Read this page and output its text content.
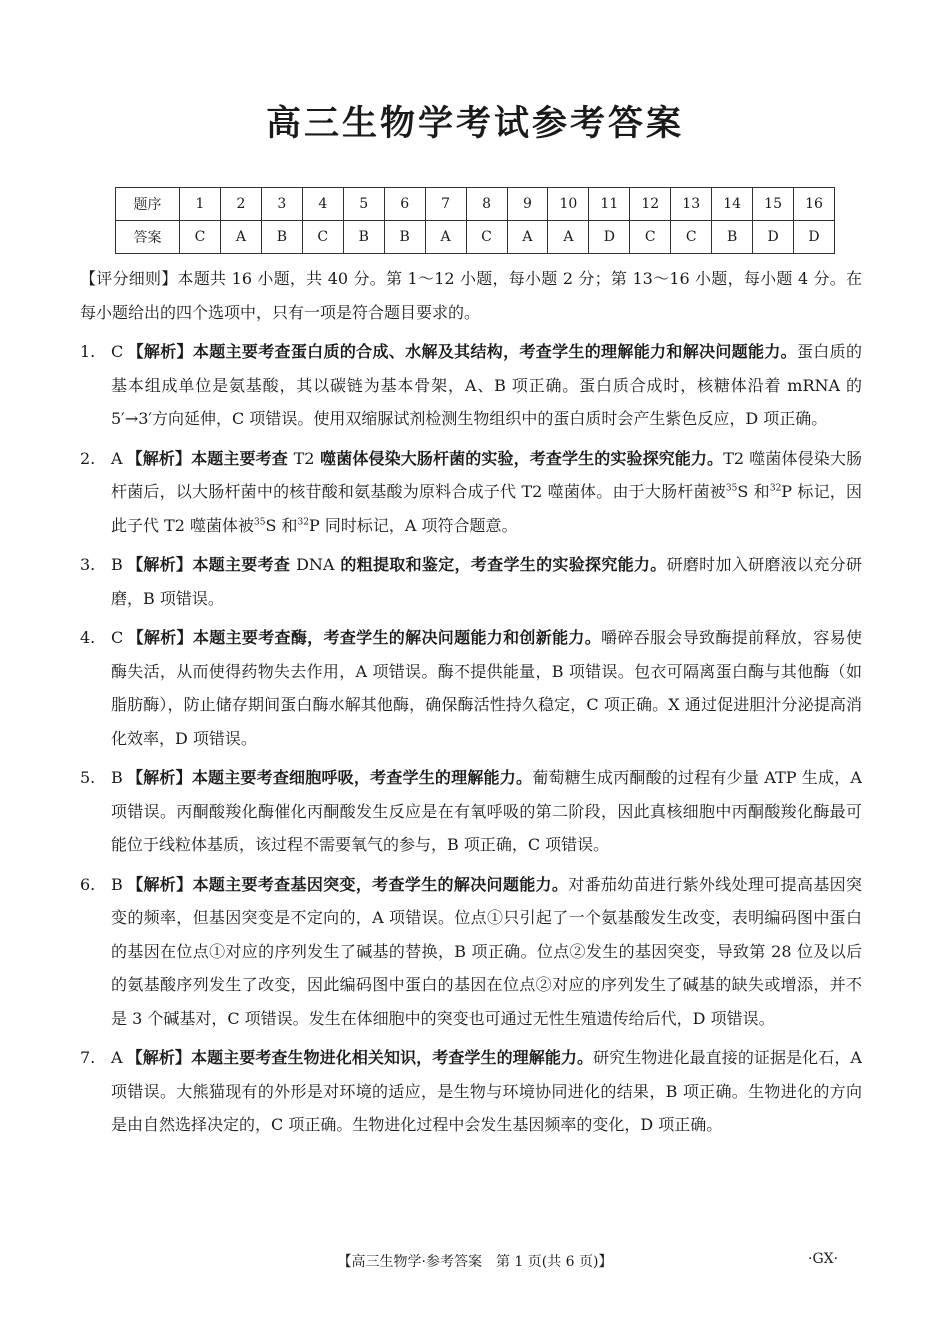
高三生物学考试参考答案
题序	1	2	3	4	5	6	7	8	9	10	11	12	13	14	15	16
答案	C	A	B	C	B	B	A	C	A	A	D	C	C	B	D	D

【评分细则】本题共 16 小题，共 40 分。第 1～12 小题，每小题 2 分；第 13～16 小题，每小题 4 分。在每小题给出的四个选项中，只有一项是符合题目要求的。

1. C 【解析】本题主要考查蛋白质的合成、水解及其结构，考查学生的理解能力和解决问题能力。蛋白质的基本组成单位是氨基酸，其以碳链为基本骨架，A、B 项正确。蛋白质合成时，核糖体沿着 mRNA 的 5′→3′方向延伸，C 项错误。使用双缩脲试剂检测生物组织中的蛋白质时会产生紫色反应，D 项正确。

2. A 【解析】本题主要考查 T2 噬菌体侵染大肠杆菌的实验，考查学生的实验探究能力。T2 噬菌体侵染大肠杆菌后，以大肠杆菌中的核苷酸和氨基酸为原料合成子代 T2 噬菌体。由于大肠杆菌被$^{35}$S 和$^{32}$P 标记，因此子代 T2 噬菌体被$^{35}$S 和$^{32}$P 同时标记，A 项符合题意。

3. B 【解析】本题主要考查 DNA 的粗提取和鉴定，考查学生的实验探究能力。研磨时加入研磨液以充分研磨，B 项错误。

4. C 【解析】本题主要考查酶，考查学生的解决问题能力和创新能力。嚼碎吞服会导致酶提前释放，容易使酶失活，从而使得药物失去作用，A 项错误。酶不提供能量，B 项错误。包衣可隔离蛋白酶与其他酶（如脂肪酶），防止储存期间蛋白酶水解其他酶，确保酶活性持久稳定，C 项正确。X 通过促进胆汁分泌提高消化效率，D 项错误。

5. B 【解析】本题主要考查细胞呼吸，考查学生的理解能力。葡萄糖生成丙酮酸的过程有少量 ATP 生成，A 项错误。丙酮酸羧化酶催化丙酮酸发生反应是在有氧呼吸的第二阶段，因此真核细胞中丙酮酸羧化酶最可能位于线粒体基质，该过程不需要氧气的参与，B 项正确，C 项错误。

6. B 【解析】本题主要考查基因突变，考查学生的解决问题能力。对番茄幼苗进行紫外线处理可提高基因突变的频率，但基因突变是不定向的，A 项错误。位点①只引起了一个氨基酸发生改变，表明编码图中蛋白的基因在位点①对应的序列发生了碱基的替换，B 项正确。位点②发生的基因突变，导致第 28 位及以后的氨基酸序列发生了改变，因此编码图中蛋白的基因在位点②对应的序列发生了碱基的缺失或增添，并不是 3 个碱基对，C 项错误。发生在体细胞中的突变也可通过无性生殖遗传给后代，D 项错误。

7. A 【解析】本题主要考查生物进化相关知识，考查学生的理解能力。研究生物进化最直接的证据是化石，A 项错误。大熊猫现有的外形是对环境的适应，是生物与环境协同进化的结果，B 项正确。生物进化的方向是由自然选择决定的，C 项正确。生物进化过程中会发生基因频率的变化，D 项正确。

【高三生物学·参考答案　第 1 页(共 6 页)】	·GX·
